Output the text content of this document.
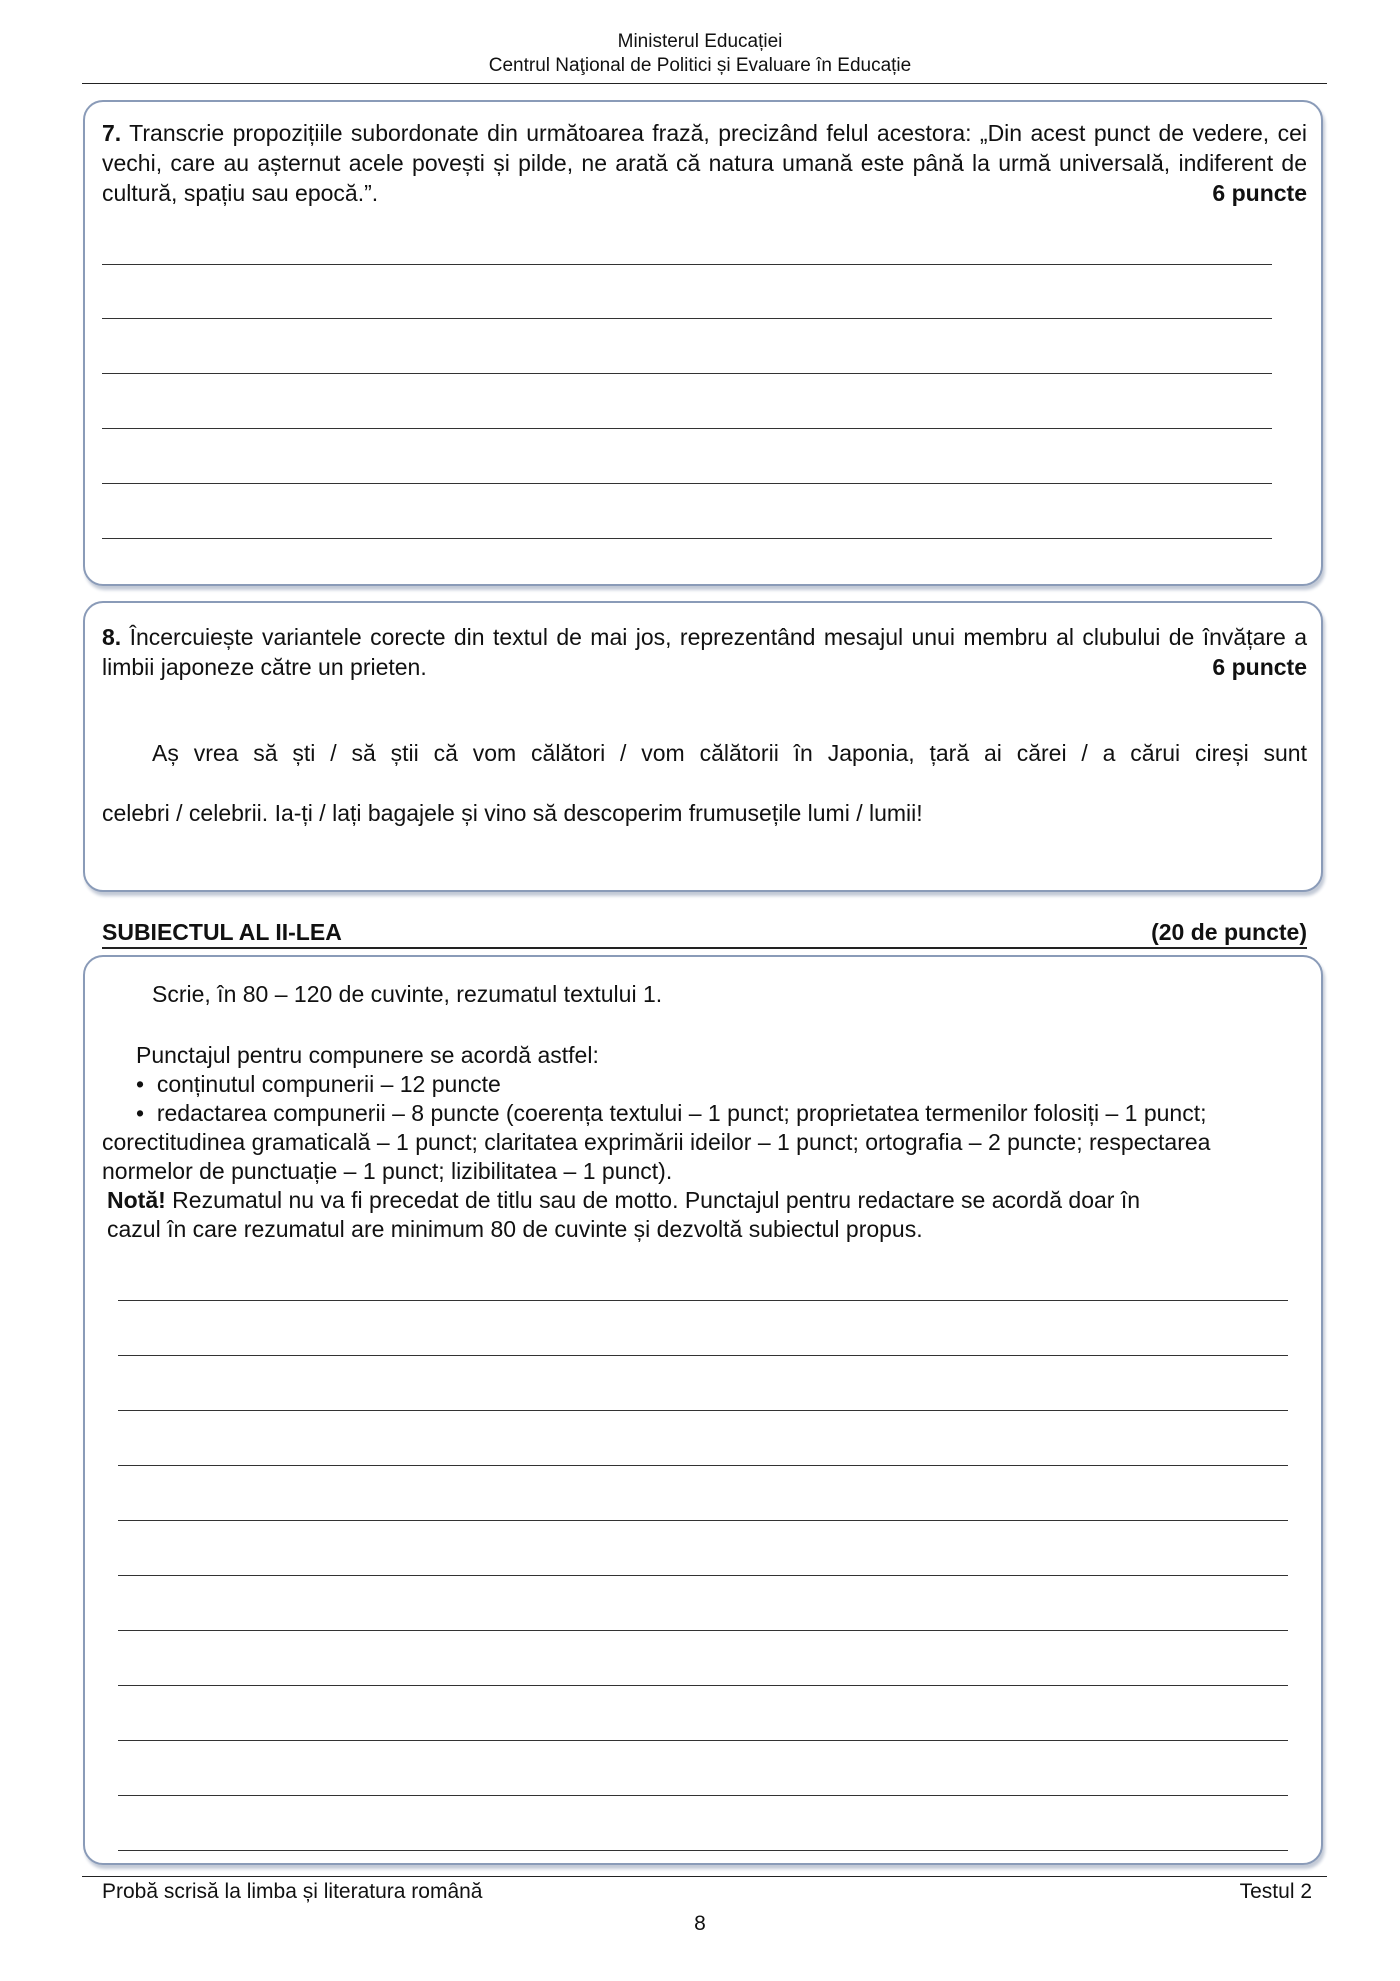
Ministerul Educației
Centrul Naţional de Politici și Evaluare în Educație
7. Transcrie propozițiile subordonate din următoarea frază, precizând felul acestora: „Din acest punct de vedere, cei vechi, care au așternut acele povești și pilde, ne arată că natura umană este până la urmă universală, indiferent de cultură, spațiu sau epocă.”.	6 puncte
8. Încercuiește variantele corecte din textul de mai jos, reprezentând mesajul unui membru al clubului de învățare a limbii japoneze către un prieten.	6 puncte
Aș vrea să ști / să știi că vom călători / vom călătorii în Japonia, țară ai cărei / a cărui cireși sunt
celebri / celebrii. Ia-ți / lați bagajele și vino să descoperim frumusețile lumi / lumii!
SUBIECTUL AL II-LEA	(20 de puncte)
Scrie, în 80 – 120 de cuvinte, rezumatul textului 1.
Punctajul pentru compunere se acordă astfel:
•  conținutul compunerii – 12 puncte
•  redactarea compunerii – 8 puncte (coerența textului – 1 punct; proprietatea termenilor folosiți – 1 punct;
corectitudinea gramaticală – 1 punct; claritatea exprimării ideilor – 1 punct; ortografia – 2 puncte; respectarea
normelor de punctuație – 1 punct; lizibilitatea – 1 punct).
Notă! Rezumatul nu va fi precedat de titlu sau de motto. Punctajul pentru redactare se acordă doar în
cazul în care rezumatul are minimum 80 de cuvinte și dezvoltă subiectul propus.
Probă scrisă la limba și literatura română	Testul 2
8
